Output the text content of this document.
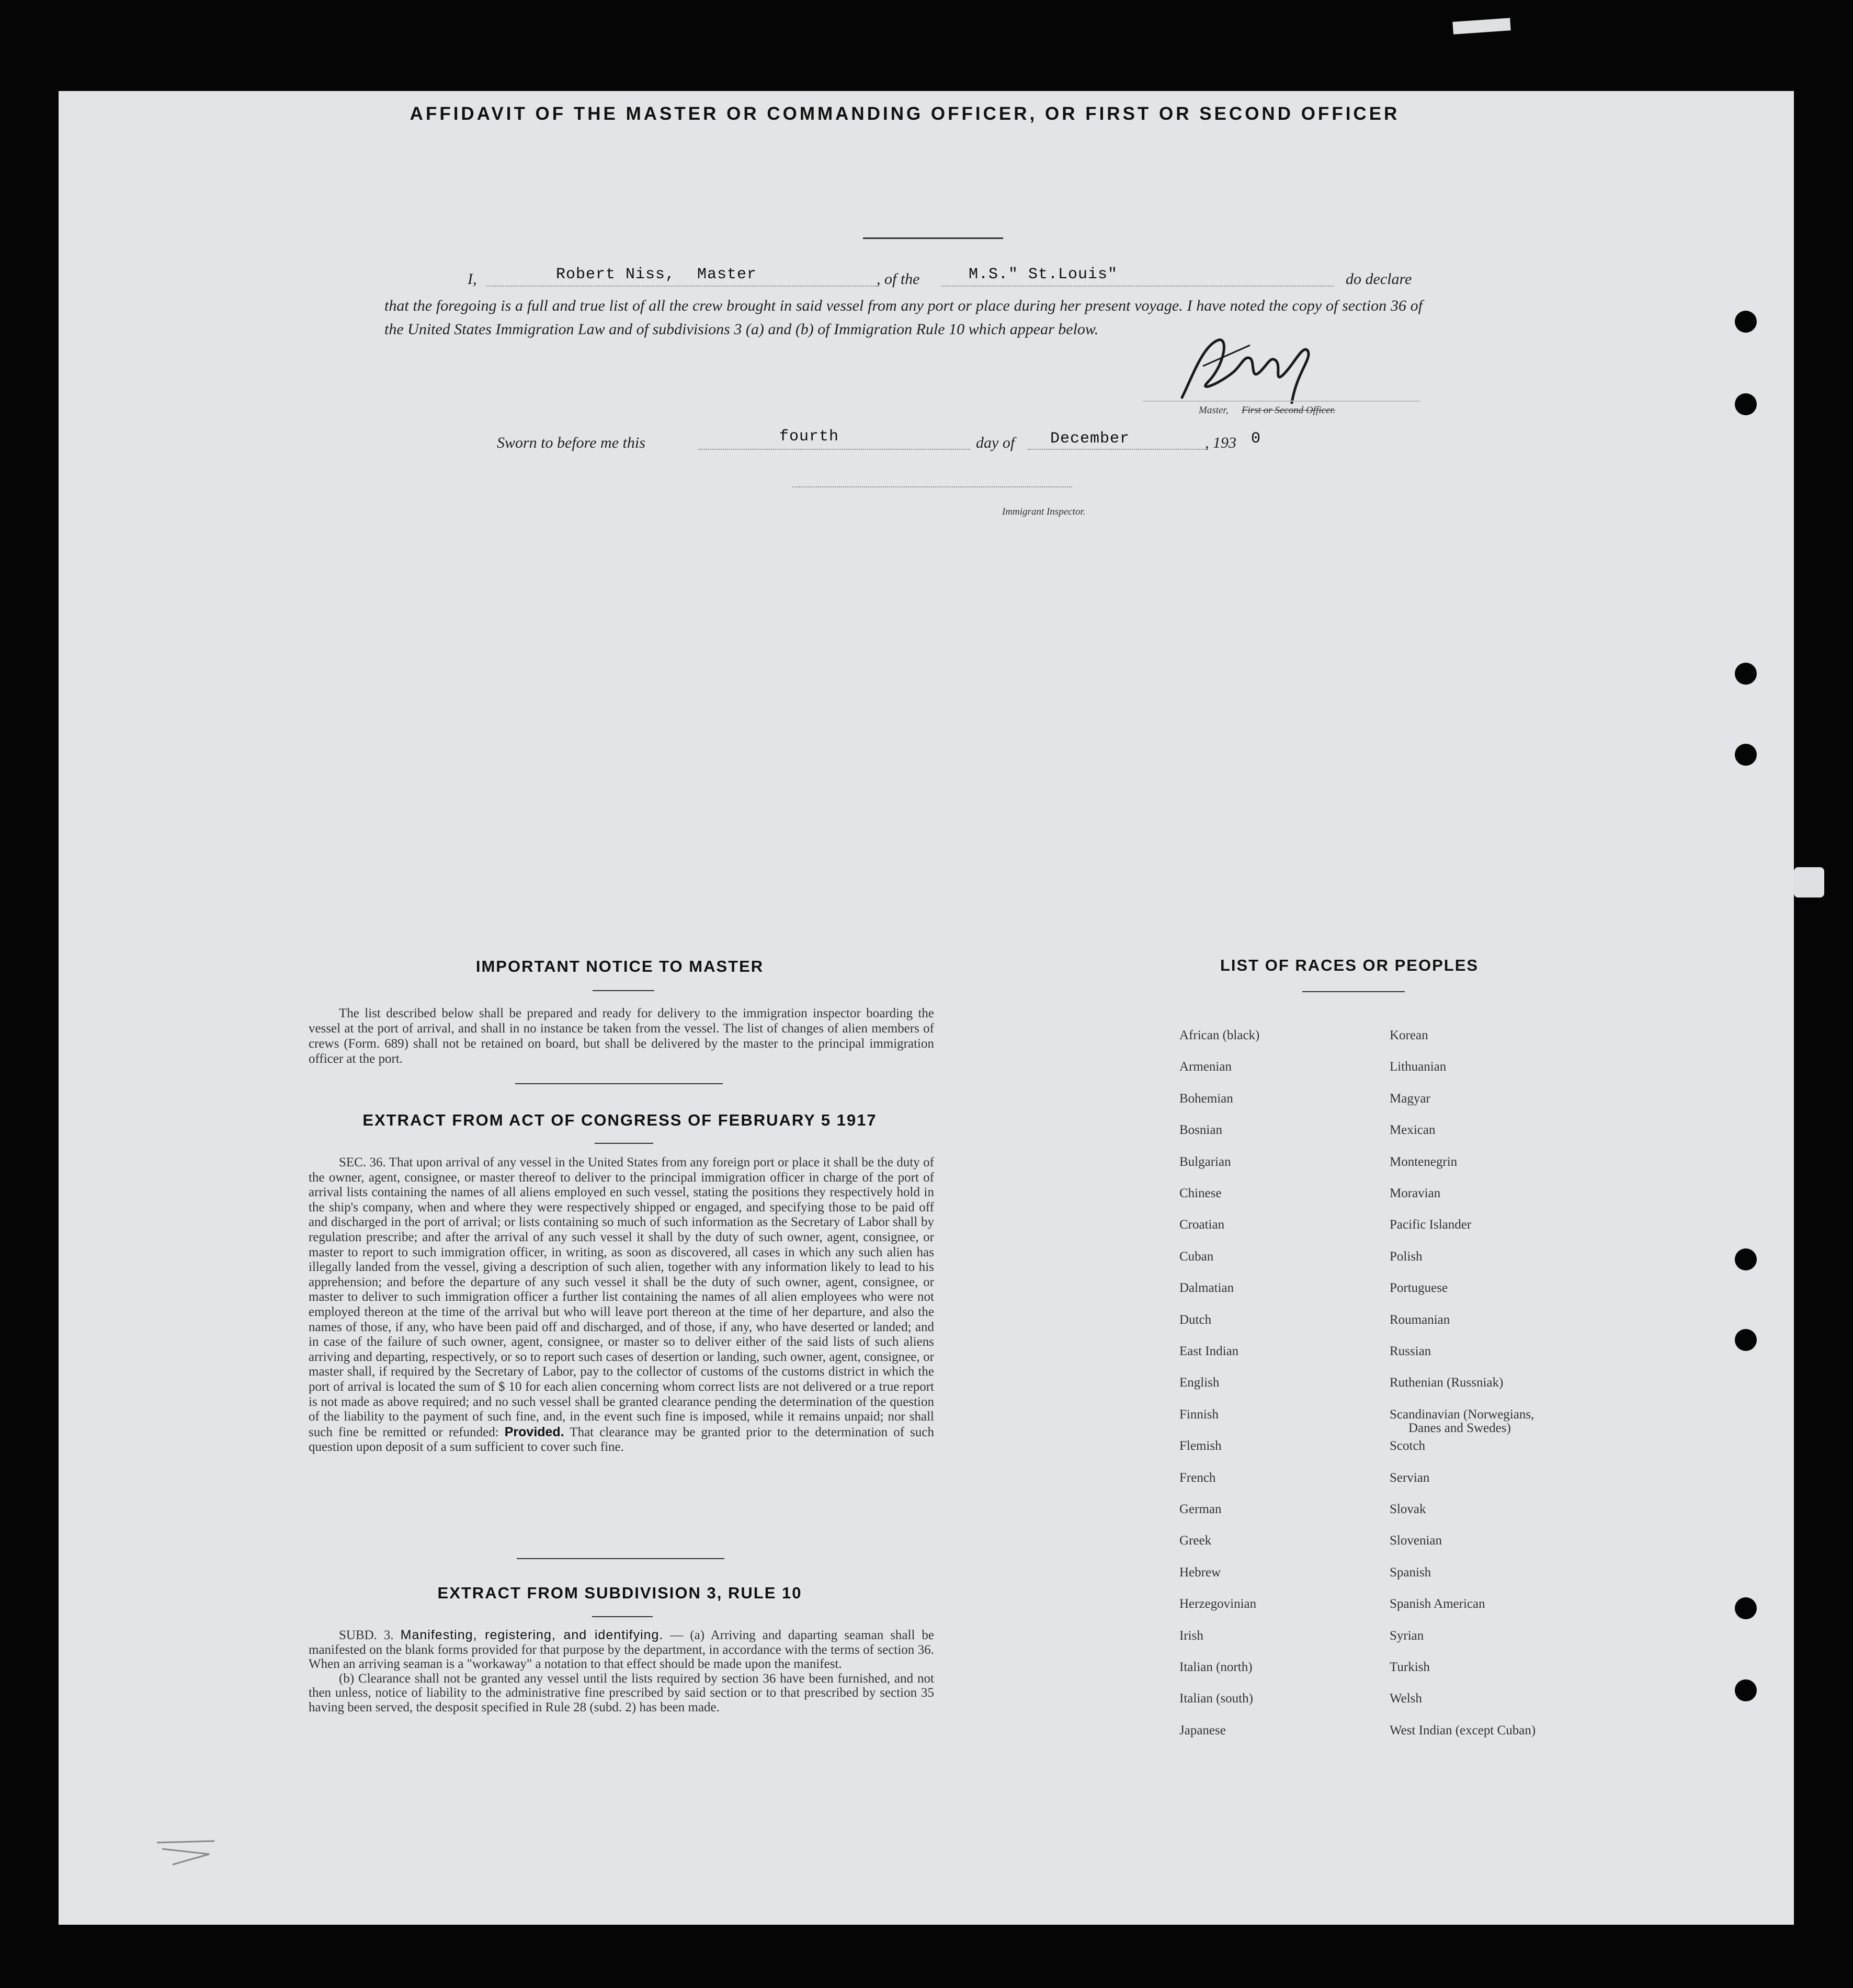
AFFIDAVIT OF THE MASTER OR COMMANDING OFFICER, OR FIRST OR SECOND OFFICER
I,	Robert Niss, Master	, of the	M.S." St.Louis"	do declare
that the foregoing is a full and true list of all the crew brought in said vessel from any port or place during her present voyage. I have noted the copy of section 36 of the United States Immigration Law and of subdivisions 3 (a) and (b) of Immigration Rule 10 which appear below.
Master, First or Second Officer.
Sworn to before me this	fourth	day of December	, 193 0
Immigrant Inspector.
IMPORTANT NOTICE TO MASTER

The list described below shall be prepared and ready for delivery to the immigration inspector boarding the vessel at the port of arrival, and shall in no instance be taken from the vessel. The list of changes of alien members of crews (Form. 689) shall not be retained on board, but shall be delivered by the master to the principal immigration officer at the port.

EXTRACT FROM ACT OF CONGRESS OF FEBRUARY 5 1917

SEC. 36. That upon arrival of any vessel in the United States from any foreign port or place it shall be the duty of the owner, agent, consignee, or master thereof to deliver to the principal immigration officer in charge of the port of arrival lists containing the names of all aliens employed en such vessel, stating the positions they respectively hold in the ship's company, when and where they were respectively shipped or engaged, and specifying those to be paid off and discharged in the port of arrival; or lists containing so much of such information as the Secretary of Labor shall by regulation prescribe; and after the arrival of any such vessel it shall by the duty of such owner, agent, consignee, or master to report to such immigration officer, in writing, as soon as discovered, all cases in which any such alien has illegally landed from the vessel, giving a description of such alien, together with any information likely to lead to his apprehension; and before the departure of any such vessel it shall be the duty of such owner, agent, consignee, or master to deliver to such immigration officer a further list containing the names of all alien employees who were not employed thereon at the time of the arrival but who will leave port thereon at the time of her departure, and also the names of those, if any, who have been paid off and discharged, and of those, if any, who have deserted or landed; and in case of the failure of such owner, agent, consignee, or master so to deliver either of the said lists of such aliens arriving and departing, respectively, or so to report such cases of desertion or landing, such owner, agent, consignee, or master shall, if required by the Secretary of Labor, pay to the collector of customs of the customs district in which the port of arrival is located the sum of $ 10 for each alien concerning whom correct lists are not delivered or a true report is not made as above required; and no such vessel shall be granted clearance pending the determination of the question of the liability to the payment of such fine, and, in the event such fine is imposed, while it remains unpaid; nor shall such fine be remitted or refunded: Provided. That clearance may be granted prior to the determination of such question upon deposit of a sum sufficient to cover such fine.

EXTRACT FROM SUBDIVISION 3, RULE 10

SUBD. 3. Manifesting, registering, and identifying. — (a) Arriving and daparting seaman shall be manifested on the blank forms provided for that purpose by the department, in accordance with the terms of section 36. When an arriving seaman is a "workaway" a notation to that effect should be made upon the manifest.

(b) Clearance shall not be granted any vessel until the lists required by section 36 have been furnished, and not then unless, notice of liability to the administrative fine prescribed by said section or to that prescribed by section 35 having been served, the desposit specified in Rule 28 (subd. 2) has been made.

LIST OF RACES OR PEOPLES
African (black)
Armenian
Bohemian
Bosnian
Bulgarian
Chinese
Croatian
Cuban
Dalmatian
Dutch
East Indian
English
Finnish
Flemish
French
German
Greek
Hebrew
Herzegovinian
Irish
Italian (north)
Italian (south)
Japanese
Korean
Lithuanian
Magyar
Mexican
Montenegrin
Moravian
Pacific Islander
Polish
Portuguese
Roumanian
Russian
Ruthenian (Russniak)
Scandinavian (Norwegians,
Scotch
Servian
Slovak
Slovenian
Spanish
Spanish American
Syrian
Turkish
Welsh
West Indian (except Cuban)
Danes and Swedes)
